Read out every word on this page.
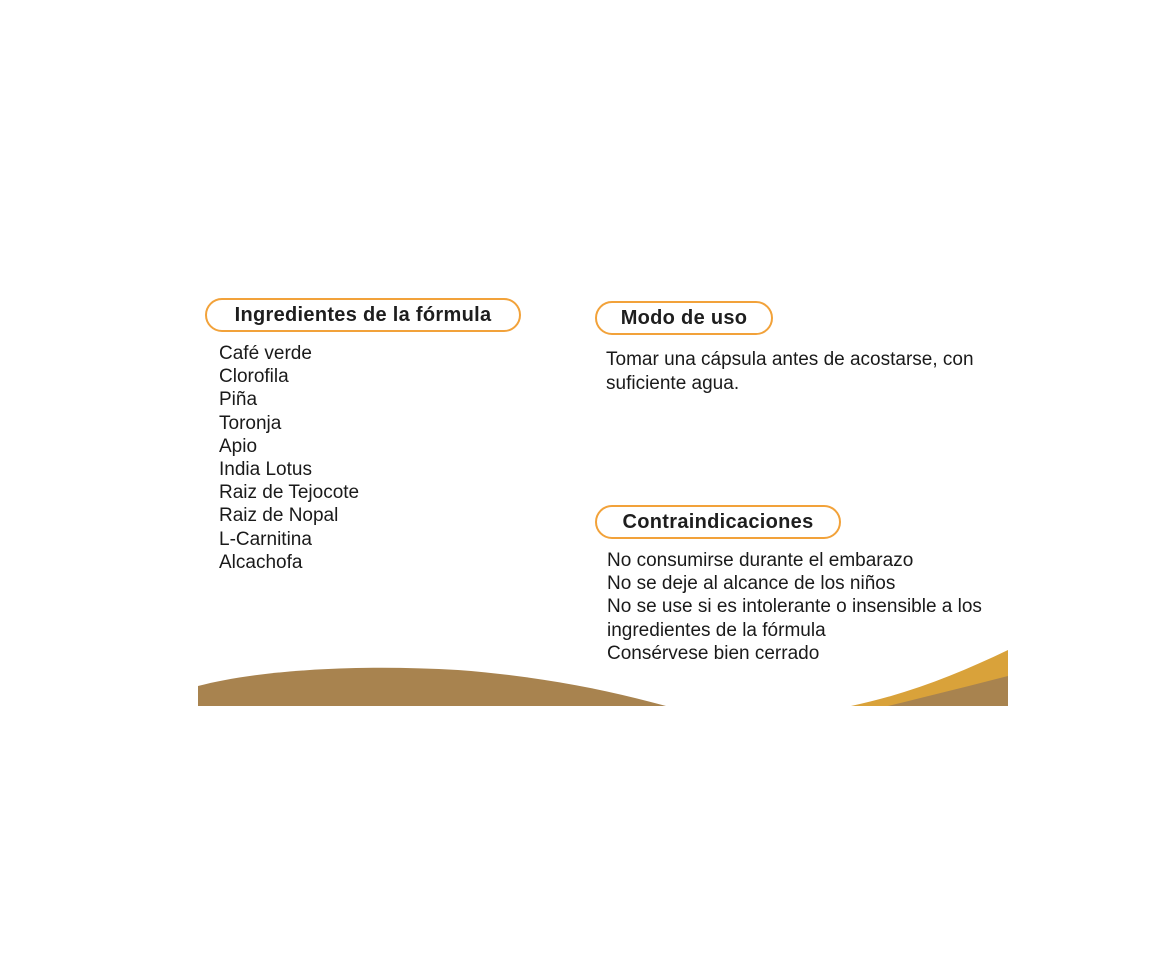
Ingredientes de la fórmula
Café verde
Clorofila
Piña
Toronja
Apio
India Lotus
Raiz de Tejocote
Raiz de Nopal
L-Carnitina
Alcachofa
Modo de uso

Tomar una cápsula antes de acostarse, con suficiente agua.

Contraindicaciones
No consumirse durante el embarazo
No se deje al alcance de los niños
No se use si es intolerante o insensible a los
ingredientes de la fórmula
Consérvese bien cerrado
